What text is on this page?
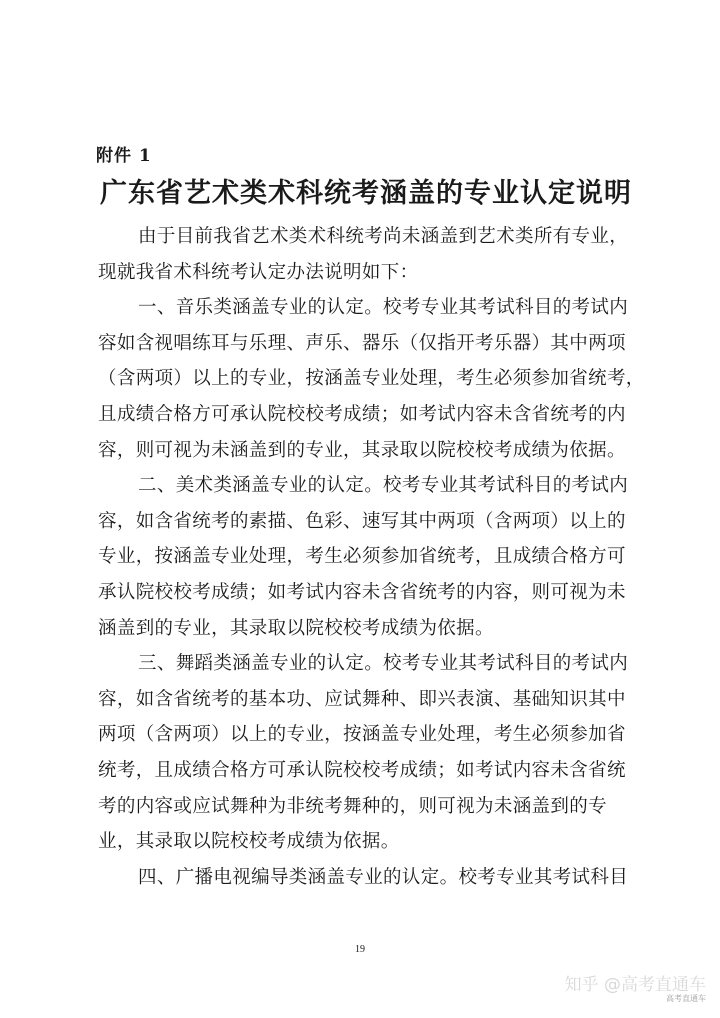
附件 1
广东省艺术类术科统考涵盖的专业认定说明
由于目前我省艺术类术科统考尚未涵盖到艺术类所有专业，
现就我省术科统考认定办法说明如下：
一、音乐类涵盖专业的认定。校考专业其考试科目的考试内
容如含视唱练耳与乐理、声乐、器乐（仅指开考乐器）其中两项
（含两项）以上的专业，按涵盖专业处理，考生必须参加省统考，
且成绩合格方可承认院校校考成绩；如考试内容未含省统考的内
容，则可视为未涵盖到的专业，其录取以院校校考成绩为依据。
二、美术类涵盖专业的认定。校考专业其考试科目的考试内
容，如含省统考的素描、色彩、速写其中两项（含两项）以上的
专业，按涵盖专业处理，考生必须参加省统考，且成绩合格方可
承认院校校考成绩；如考试内容未含省统考的内容，则可视为未
涵盖到的专业，其录取以院校校考成绩为依据。
三、舞蹈类涵盖专业的认定。校考专业其考试科目的考试内
容，如含省统考的基本功、应试舞种、即兴表演、基础知识其中
两项（含两项）以上的专业，按涵盖专业处理，考生必须参加省
统考，且成绩合格方可承认院校校考成绩；如考试内容未含省统
考的内容或应试舞种为非统考舞种的，则可视为未涵盖到的专
业，其录取以院校校考成绩为依据。
四、广播电视编导类涵盖专业的认定。校考专业其考试科目
19
知乎 @高考直通车
高考直通车
